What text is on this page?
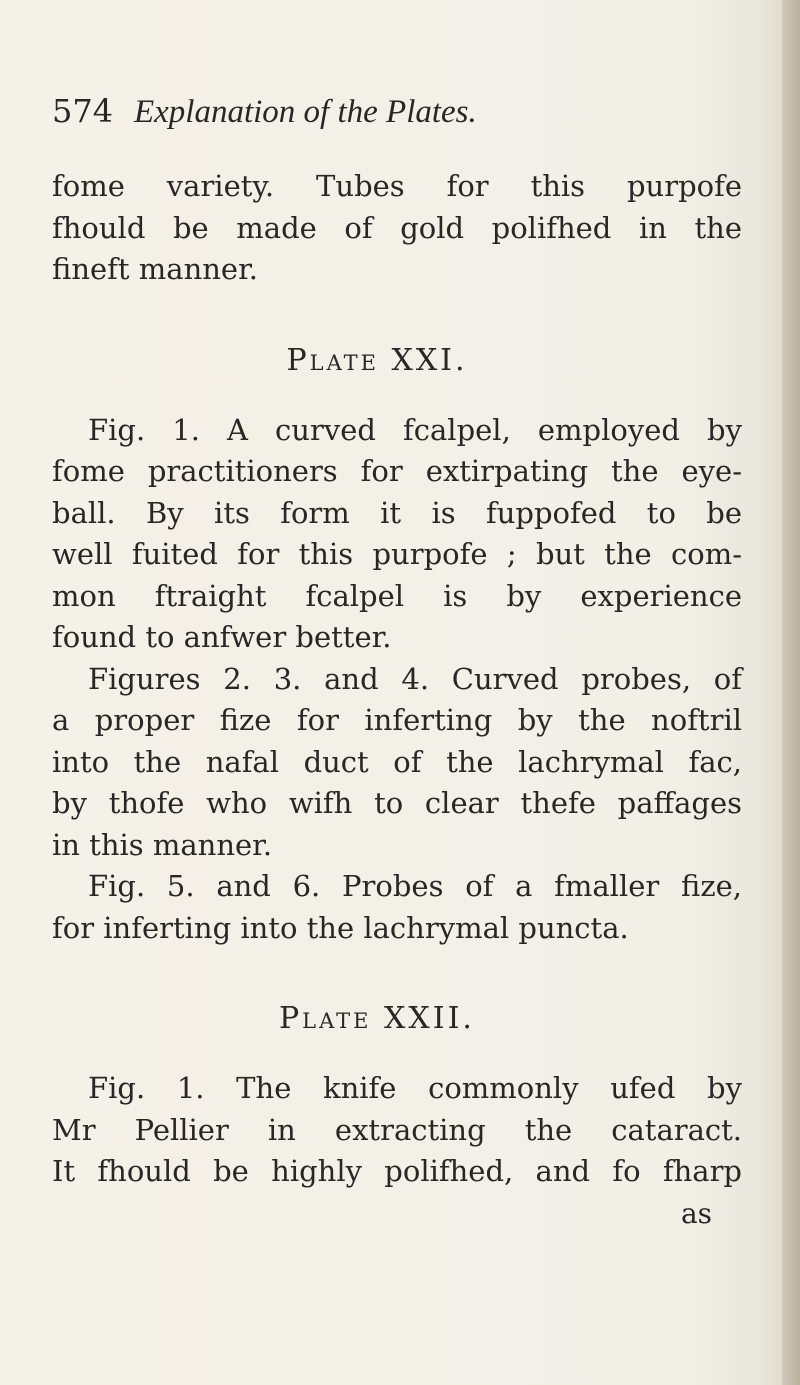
574 Explanation of the Plates.
fome variety. Tubes for this purpofe
fhould be made of gold polifhed in the
fineft manner.
Plate XXI.
Fig. 1. A curved fcalpel, employed by
fome practitioners for extirpating the eye-
ball. By its form it is fuppofed to be
well fuited for this purpofe ; but the com-
mon ftraight fcalpel is by experience
found to anfwer better.
Figures 2. 3. and 4. Curved probes, of
a proper fize for inferting by the noftril
into the nafal duct of the lachrymal fac,
by thofe who wifh to clear thefe paffages
in this manner.
Fig. 5. and 6. Probes of a fmaller fize,
for inferting into the lachrymal puncta.
Plate XXII.
Fig. 1. The knife commonly ufed by
Mr Pellier in extracting the cataract.
It fhould be highly polifhed, and fo fharp
as
